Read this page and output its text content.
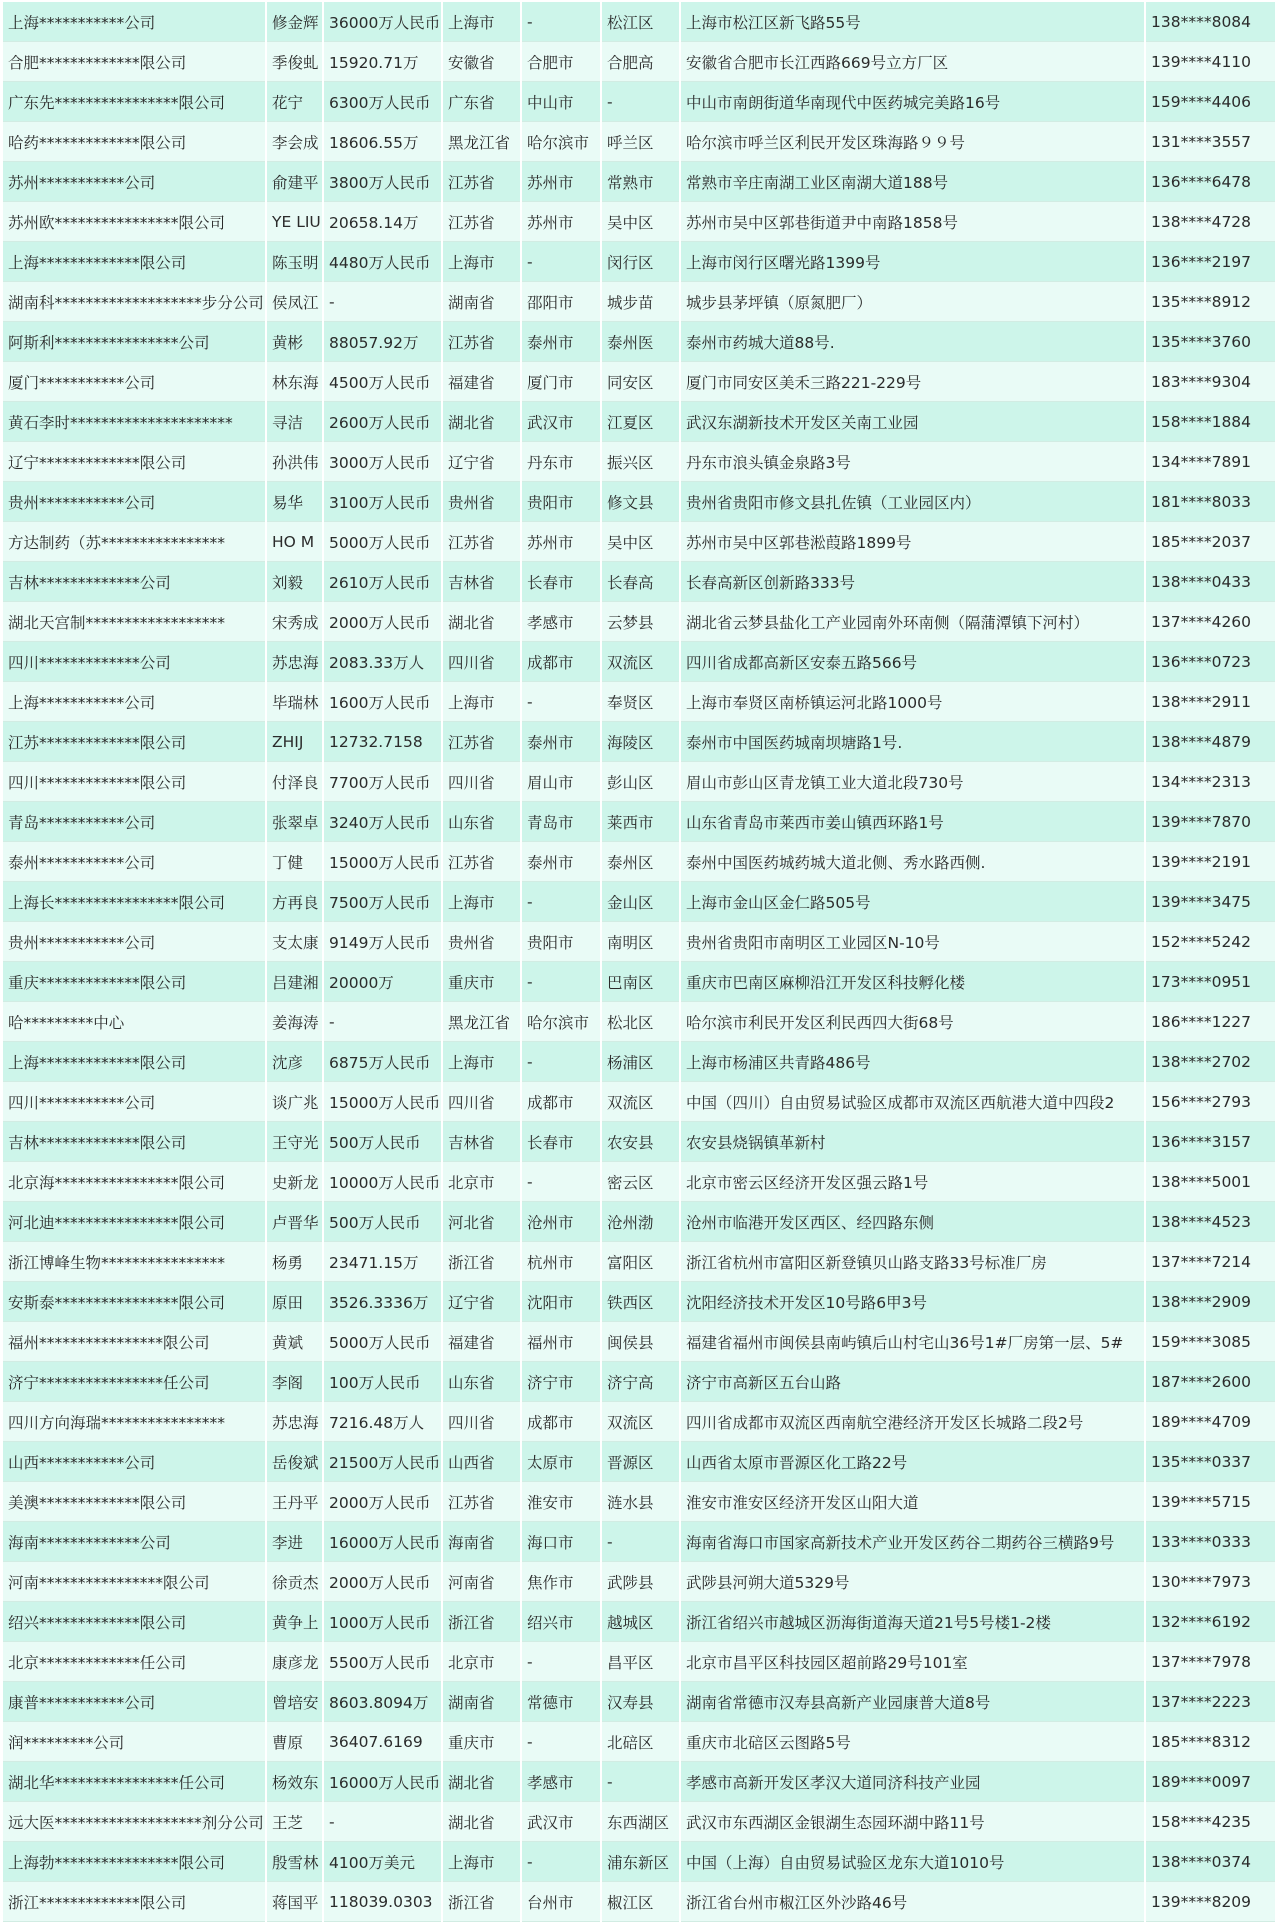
上海***********公司	修金辉	36000万人民币	上海市	-	松江区	上海市松江区新飞路55号	138****8084
合肥*************限公司	季俊虬	15920.71万	安徽省	合肥市	合肥高	安徽省合肥市长江西路669号立方厂区	139****4110
广东先****************限公司	花宁	6300万人民币	广东省	中山市	-	中山市南朗街道华南现代中医药城完美路16号	159****4406
哈药*************限公司	李会成	18606.55万	黑龙江省	哈尔滨市	呼兰区	哈尔滨市呼兰区利民开发区珠海路９９号	131****3557
苏州***********公司	俞建平	3800万人民币	江苏省	苏州市	常熟市	常熟市辛庄南湖工业区南湖大道188号	136****6478
苏州欧****************限公司	YE LIU	20658.14万	江苏省	苏州市	吴中区	苏州市吴中区郭巷街道尹中南路1858号	138****4728
上海*************限公司	陈玉明	4480万人民币	上海市	-	闵行区	上海市闵行区曙光路1399号	136****2197
湖南科*******************步分公司	侯凤江	-	湖南省	邵阳市	城步苗	城步县茅坪镇（原氮肥厂）	135****8912
阿斯利****************公司	黄彬	88057.92万	江苏省	泰州市	泰州医	泰州市药城大道88号.	135****3760
厦门***********公司	林东海	4500万人民币	福建省	厦门市	同安区	厦门市同安区美禾三路221-229号	183****9304
黄石李时*********************	寻洁	2600万人民币	湖北省	武汉市	江夏区	武汉东湖新技术开发区关南工业园	158****1884
辽宁*************限公司	孙洪伟	3000万人民币	辽宁省	丹东市	振兴区	丹东市浪头镇金泉路3号	134****7891
贵州***********公司	易华	3100万人民币	贵州省	贵阳市	修文县	贵州省贵阳市修文县扎佐镇（工业园区内）	181****8033
方达制药（苏****************	HO M	5000万人民币	江苏省	苏州市	吴中区	苏州市吴中区郭巷淞葭路1899号	185****2037
吉林*************公司	刘毅	2610万人民币	吉林省	长春市	长春高	长春高新区创新路333号	138****0433
湖北天宫制******************	宋秀成	2000万人民币	湖北省	孝感市	云梦县	湖北省云梦县盐化工产业园南外环南侧（隔蒲潭镇下河村）	137****4260
四川*************公司	苏忠海	2083.33万人	四川省	成都市	双流区	四川省成都高新区安泰五路566号	136****0723
上海***********公司	毕瑞林	1600万人民币	上海市	-	奉贤区	上海市奉贤区南桥镇运河北路1000号	138****2911
江苏*************限公司	ZHIJ	12732.7158	江苏省	泰州市	海陵区	泰州市中国医药城南坝塘路1号.	138****4879
四川*************限公司	付泽良	7700万人民币	四川省	眉山市	彭山区	眉山市彭山区青龙镇工业大道北段730号	134****2313
青岛***********公司	张翠卓	3240万人民币	山东省	青岛市	莱西市	山东省青岛市莱西市姜山镇西环路1号	139****7870
泰州***********公司	丁健	15000万人民币	江苏省	泰州市	泰州区	泰州中国医药城药城大道北侧、秀水路西侧.	139****2191
上海长****************限公司	方再良	7500万人民币	上海市	-	金山区	上海市金山区金仁路505号	139****3475
贵州***********公司	支太康	9149万人民币	贵州省	贵阳市	南明区	贵州省贵阳市南明区工业园区N-10号	152****5242
重庆*************限公司	吕建湘	20000万	重庆市	-	巴南区	重庆市巴南区麻柳沿江开发区科技孵化楼	173****0951
哈*********中心	姜海涛	-	黑龙江省	哈尔滨市	松北区	哈尔滨市利民开发区利民西四大街68号	186****1227
上海*************限公司	沈彦	6875万人民币	上海市	-	杨浦区	上海市杨浦区共青路486号	138****2702
四川***********公司	谈广兆	15000万人民币	四川省	成都市	双流区	中国（四川）自由贸易试验区成都市双流区西航港大道中四段2	156****2793
吉林*************限公司	王守光	500万人民币	吉林省	长春市	农安县	农安县烧锅镇革新村	136****3157
北京海****************限公司	史新龙	10000万人民币	北京市	-	密云区	北京市密云区经济开发区强云路1号	138****5001
河北迪****************限公司	卢晋华	500万人民币	河北省	沧州市	沧州渤	沧州市临港开发区西区、经四路东侧	138****4523
浙江博峰生物****************	杨勇	23471.15万	浙江省	杭州市	富阳区	浙江省杭州市富阳区新登镇贝山路支路33号标准厂房	137****7214
安斯泰****************限公司	原田	3526.3336万	辽宁省	沈阳市	铁西区	沈阳经济技术开发区10号路6甲3号	138****2909
福州****************限公司	黄斌	5000万人民币	福建省	福州市	闽侯县	福建省福州市闽侯县南屿镇后山村宅山36号1#厂房第一层、5#	159****3085
济宁****************任公司	李阁	100万人民币	山东省	济宁市	济宁高	济宁市高新区五台山路	187****2600
四川方向海瑞****************	苏忠海	7216.48万人	四川省	成都市	双流区	四川省成都市双流区西南航空港经济开发区长城路二段2号	189****4709
山西***********公司	岳俊斌	21500万人民币	山西省	太原市	晋源区	山西省太原市晋源区化工路22号	135****0337
美澳*************限公司	王丹平	2000万人民币	江苏省	淮安市	涟水县	淮安市淮安区经济开发区山阳大道	139****5715
海南*************公司	李进	16000万人民币	海南省	海口市	-	海南省海口市国家高新技术产业开发区药谷二期药谷三横路9号	133****0333
河南****************限公司	徐贡杰	2000万人民币	河南省	焦作市	武陟县	武陟县河朔大道5329号	130****7973
绍兴*************限公司	黄争上	1000万人民币	浙江省	绍兴市	越城区	浙江省绍兴市越城区沥海街道海天道21号5号楼1-2楼	132****6192
北京*************任公司	康彦龙	5500万人民币	北京市	-	昌平区	北京市昌平区科技园区超前路29号101室	137****7978
康普***********公司	曾培安	8603.8094万	湖南省	常德市	汉寿县	湖南省常德市汉寿县高新产业园康普大道8号	137****2223
润*********公司	曹原	36407.6169	重庆市	-	北碚区	重庆市北碚区云图路5号	185****8312
湖北华****************任公司	杨效东	16000万人民币	湖北省	孝感市	-	孝感市高新开发区孝汉大道同济科技产业园	189****0097
远大医*******************剂分公司	王芝	-	湖北省	武汉市	东西湖区	武汉市东西湖区金银湖生态园环湖中路11号	158****4235
上海勃****************限公司	殷雪林	4100万美元	上海市	-	浦东新区	中国（上海）自由贸易试验区龙东大道1010号	138****0374
浙江*************限公司	蒋国平	118039.0303	浙江省	台州市	椒江区	浙江省台州市椒江区外沙路46号	139****8209
